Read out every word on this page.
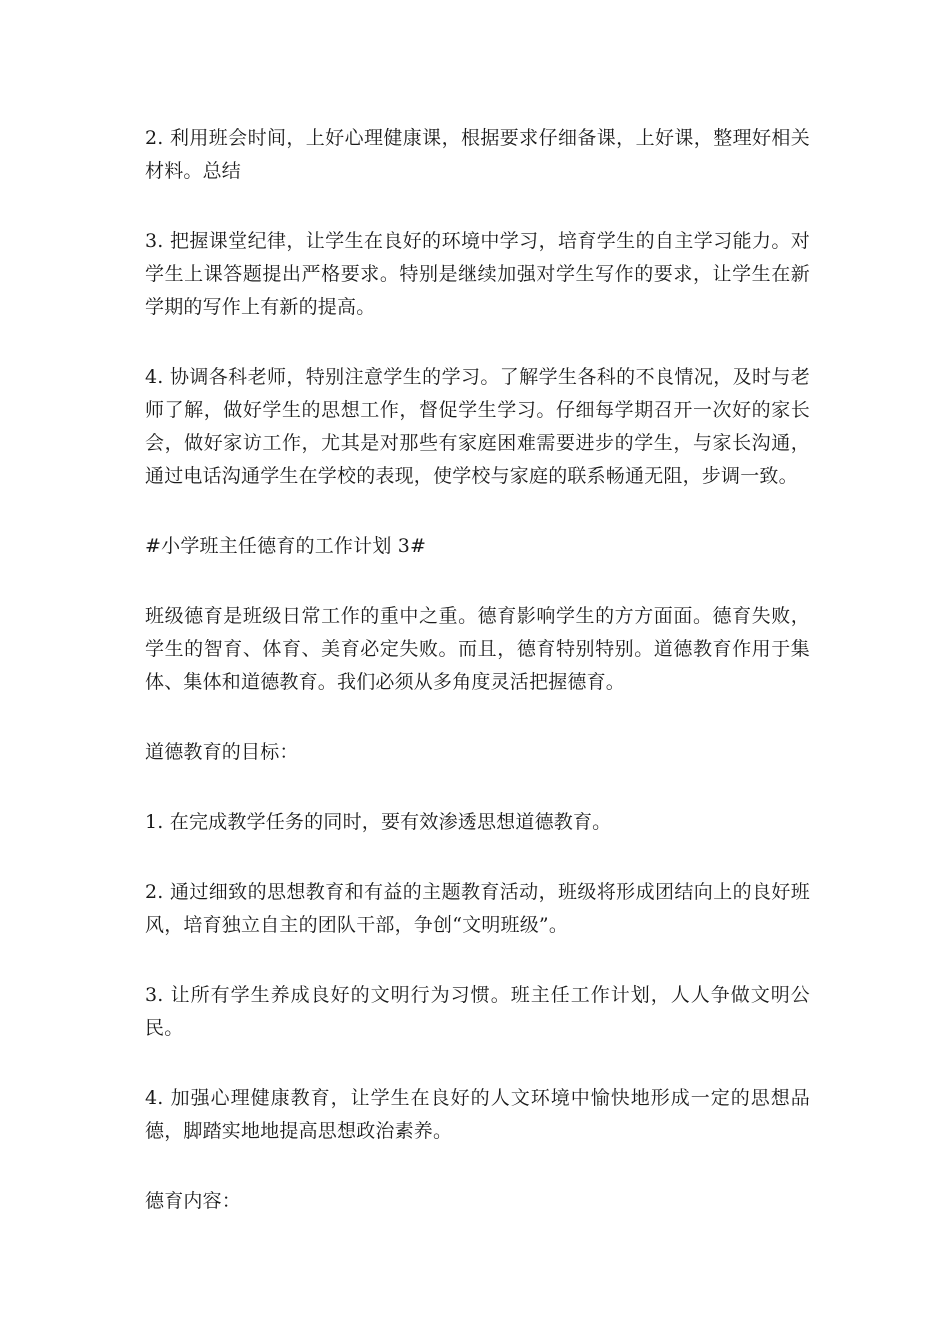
2. 利用班会时间，上好心理健康课，根据要求仔细备课，上好课，整理好相关材料。总结

3. 把握课堂纪律，让学生在良好的环境中学习，培育学生的自主学习能力。对学生上课答题提出严格要求。特别是继续加强对学生写作的要求，让学生在新学期的写作上有新的提高。

4. 协调各科老师，特别注意学生的学习。了解学生各科的不良情况，及时与老师了解，做好学生的思想工作，督促学生学习。仔细每学期召开一次好的家长会，做好家访工作，尤其是对那些有家庭困难需要进步的学生，与家长沟通，通过电话沟通学生在学校的表现，使学校与家庭的联系畅通无阻，步调一致。

#小学班主任德育的工作计划 3#

班级德育是班级日常工作的重中之重。德育影响学生的方方面面。德育失败，学生的智育、体育、美育必定失败。而且，德育特别特别。道德教育作用于集体、集体和道德教育。我们必须从多角度灵活把握德育。

道德教育的目标：

1. 在完成教学任务的同时，要有效渗透思想道德教育。

2. 通过细致的思想教育和有益的主题教育活动，班级将形成团结向上的良好班风，培育独立自主的团队干部，争创“文明班级”。

3. 让所有学生养成良好的文明行为习惯。班主任工作计划，人人争做文明公民。

4. 加强心理健康教育，让学生在良好的人文环境中愉快地形成一定的思想品德，脚踏实地地提高思想政治素养。

德育内容：
